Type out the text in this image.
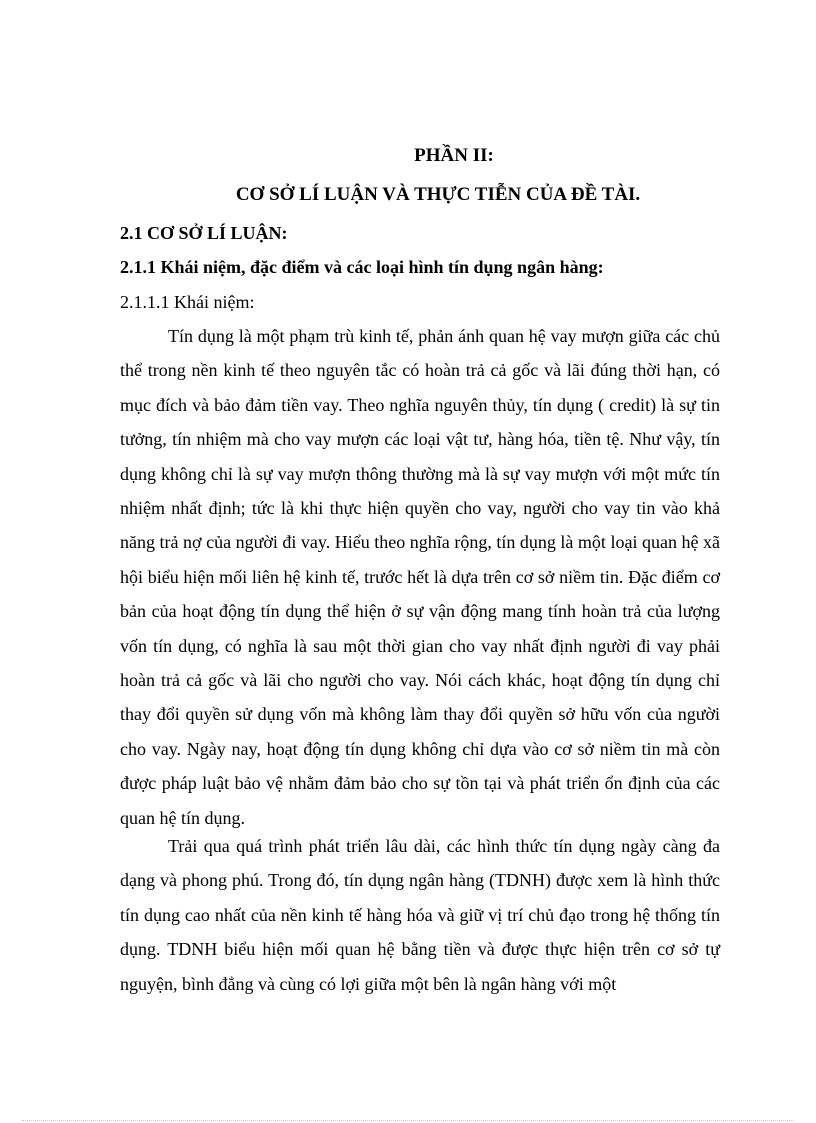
PHẦN II:
CƠ SỞ LÍ LUẬN VÀ THỰC TIỄN CỦA ĐỀ TÀI.
2.1 CƠ SỞ LÍ LUẬN:
2.1.1 Khái niệm, đặc điểm và các loại hình tín dụng ngân hàng:
2.1.1.1 Khái niệm:

Tín dụng là một phạm trù kinh tế, phản ánh quan hệ vay mượn giữa các chủ thể trong nền kinh tế theo nguyên tắc có hoàn trả cả gốc và lãi đúng thời hạn, có mục đích và bảo đảm tiền vay. Theo nghĩa nguyên thủy, tín dụng ( credit) là sự tin tưởng, tín nhiệm mà cho vay mượn các loại vật tư, hàng hóa, tiền tệ. Như vậy, tín dụng không chỉ là sự vay mượn thông thường mà là sự vay mượn với một mức tín nhiệm nhất định; tức là khi thực hiện quyền cho vay, người cho vay tin vào khả năng trả nợ của người đi vay. Hiểu theo nghĩa rộng, tín dụng là một loại quan hệ xã hội biểu hiện mối liên hệ kinh tế, trước hết là dựa trên cơ sở niềm tin. Đặc điểm cơ bản của hoạt động tín dụng thể hiện ở sự vận động mang tính hoàn trả của lượng vốn tín dụng, có nghĩa là sau một thời gian cho vay nhất định người đi vay phải hoàn trả cả gốc và lãi cho người cho vay. Nói cách khác, hoạt động tín dụng chỉ thay đổi quyền sử dụng vốn mà không làm thay đổi quyền sở hữu vốn của người cho vay. Ngày nay, hoạt động tín dụng không chỉ dựa vào cơ sở niềm tin mà còn được pháp luật bảo vệ nhằm đảm bảo cho sự tồn tại và phát triển ổn định của các quan hệ tín dụng.

Trải qua quá trình phát triển lâu dài, các hình thức tín dụng ngày càng đa dạng và phong phú. Trong đó, tín dụng ngân hàng (TDNH) được xem là hình thức tín dụng cao nhất của nền kinh tế hàng hóa và giữ vị trí chủ đạo trong hệ thống tín dụng. TDNH biểu hiện mối quan hệ bằng tiền và được thực hiện trên cơ sở tự nguyện, bình đẳng và cùng có lợi giữa một bên là ngân hàng với một
